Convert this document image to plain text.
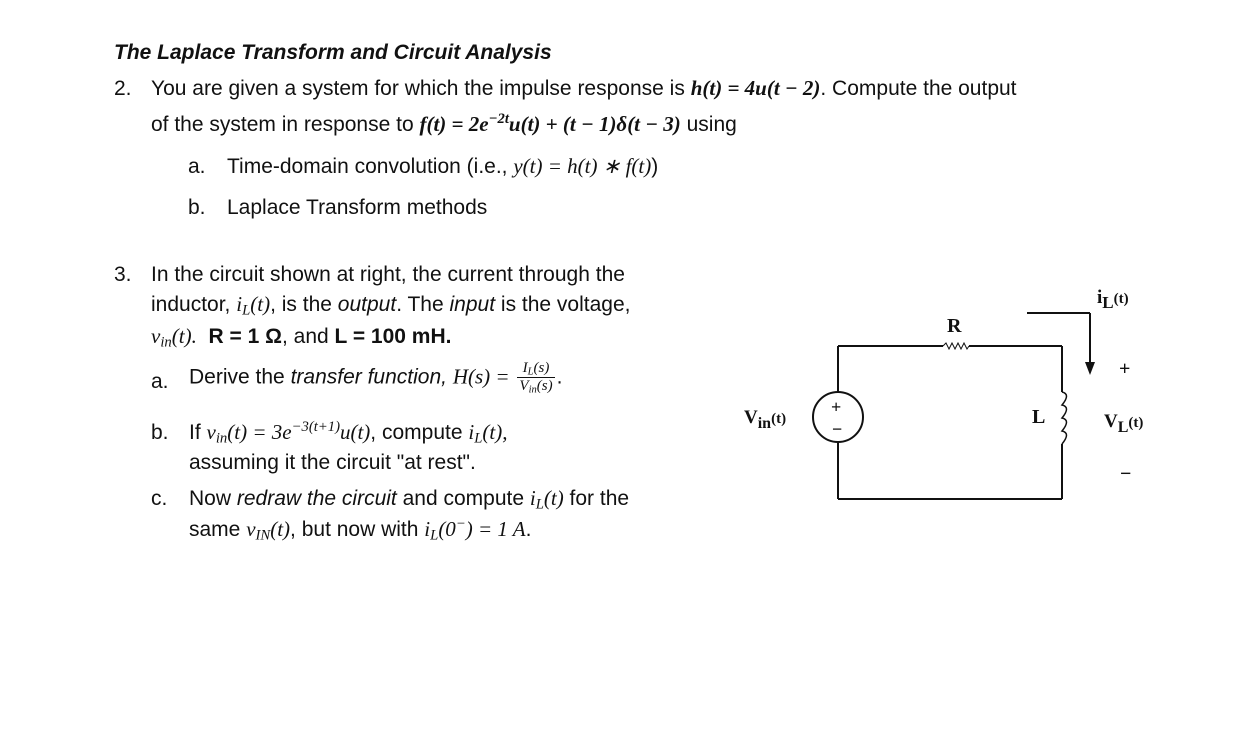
The Laplace Transform and Circuit Analysis
2. You are given a system for which the impulse response is h(t) = 4u(t − 2). Compute the output
of the system in response to $f(t) = 2e^{-2t}u(t) + (t - 1)\delta(t - 3)$ using
a. Time-domain convolution (i.e., y(t) = h(t) ∗ f(t))
b. Laplace Transform methods
3. In the circuit shown at right, the current through the
inductor, $i_L(t)$, is the output. The input is the voltage,
$v_{in}(t)$. R = 1 Ω, and L = 100 mH.
a. Derive the transfer function, $H(s) = \frac{I_L(s)}{V_{in}(s)}$ .
b. If $v_{in}(t) = 3e^{-3(t+1)}u(t)$, compute $i_L(t)$,
assuming it the circuit "at rest".
c. Now redraw the circuit and compute $i_L(t)$ for the
same $v_{IN}(t)$, but now with $i_L(0^-) = 1$ A.
R
+
−
$V_{in}^{(t)}$	L
$iL^{(t)}$
+
$V_L^{(t)}$
−
